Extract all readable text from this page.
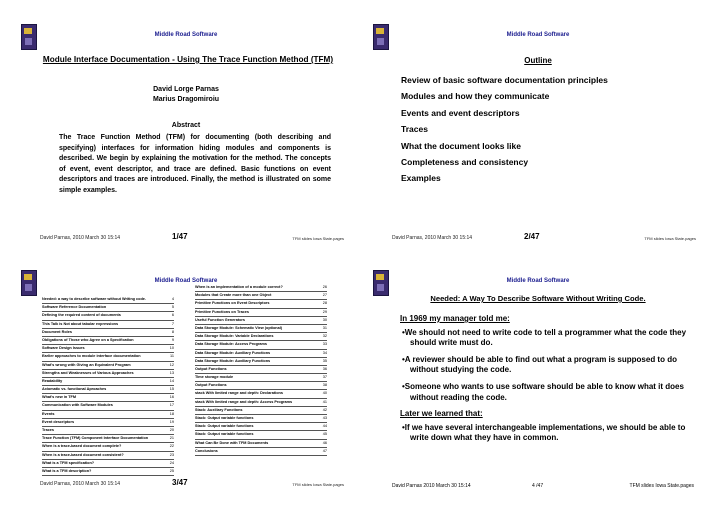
Middle Road Software
Module Interface Documentation - Using The Trace Function Method (TFM)
David Lorge Parnas
Marius Dragomiroiu
Abstract
The Trace Function Method (TFM) for documenting (both describing and specifying) interfaces for information hiding modules and components is described. We begin by explaining the motivation for the method. The concepts of event, event descriptor, and trace are defined. Basic functions on event descriptors and traces are introduced. Finally, the method is illustrated on some simple examples.
David Parnas, 2010 March 30 15:14	1/47	TFM slides Iowa State.pages
Middle Road Software
Outline
Review of basic software documentation principles
Modules and how they communicate
Events and event descriptors
Traces
What the document looks like
Completeness and consistency
Examples
David Parnas, 2010 March 30 15:14	2/47	TFM slides Iowa State.pages
Middle Road Software
Needed: a way to describe software without Writing code.	4
Software Reference Documentation	5
Defining the required content of documents	6
This Talk is Not about tabular expressions	7
Document Roles	8
Obligations of Those who Agree on a Specification	9
Software Design Issues	10
Earlier approaches to module interface documentation	11
What's wrong with Giving an Equivalent Program	12
Strengths and Weaknesses of Various Approaches	13
Readability	14
Axiomatic vs. functional Aproaches	15
What's new in TFM	16
Communication with Software Modules	17
Events	18
Event descriptors	19
Traces	20
Trace Function (TFM) Component Interface Documentation	21
When is a trace-based document complete?	22
When is a trace-based document consistent?	23
What is a TFM specification?	24
What is a TFM description?	25
When is an implementation of a module correct?	26
Modules that Create more than one Object	27
Primitive Functions on Event Descriptors	28
Primitive Functions on Traces	29
Useful Function Generators	30
Data Storage Module: Schematic View (optional)	31
Data Storage Module: Variable Declarations	32
Data Storage Module: Access Programs	33
Data Storage Module: Auxiliary Functions	34
Data Storage Module: Auxiliary Functions	35
Output Functions	36
Time storage module	37
Output Functions	38
stack With limited range and depth: Declarations	40
stack With limited range and depth: Access Programs	41
Stack: Auxiliary Functions	42
Stack: Output variable functions	43
Stack: Output variable functions	44
Stack: Output variable functions	45
What Can Be Done with TFM Documents	46
Conclusions	47
David Parnas, 2010 March 30 15:14	3/47	TFM slides Iowa State.pages
Middle Road Software
Needed: A Way To Describe Software Without Writing Code.
In 1969 my manager told me:
•We should not need to write code to tell a programmer what the code they should write must do.
•A reviewer should be able to find out what a program is supposed to do without studying the code.
•Someone who wants to use software should be able to know what it does without reading the code.
Later we learned that:
•If we have several interchangeable implementations, we should be able to write down what they have in common.
David Parnas 2010 March 30 15:14	4 /47	TFM slides Iowa State.pages
